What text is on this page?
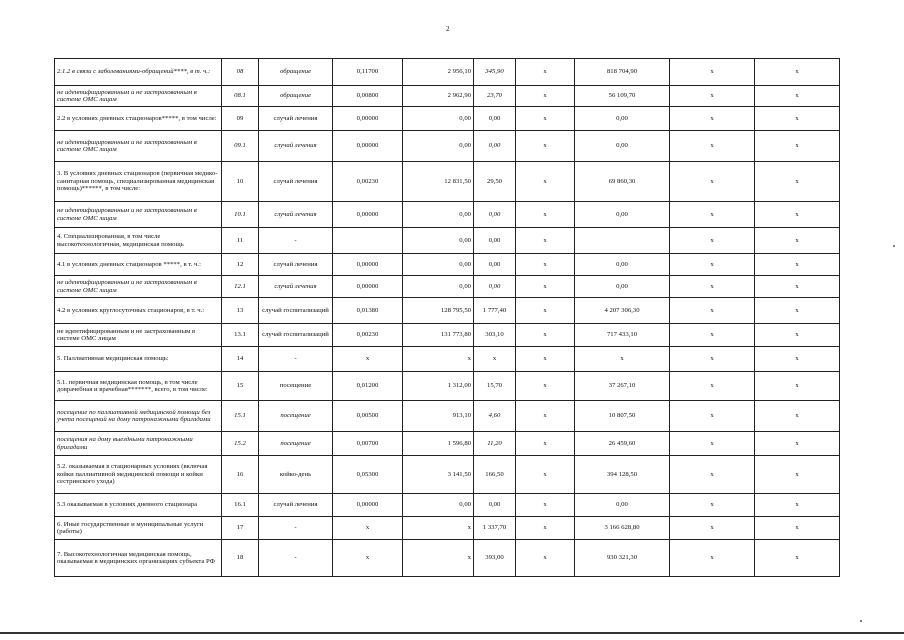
2
2.1.2 в связи с заболеваниями-обращений****, в т. ч.:	08	обращение	0,11700	2 956,10	345,90	x	818 704,90	x	x
не идентифицированным и не застрахованным в системе ОМС лицам	08.1	обращение	0,00800	2 962,90	23,70	x	56 109,70	x	x
2.2 в условиях дневных стационаров*****, в том числе:	09	случай лечения	0,00000	0,00	0,00	x	0,00	x	x
не идентифицированным и не застрахованным в системе ОМС лицам	09.1	случай лечения	0,00000	0,00	0,00	x	0,00	x	x
3. В условиях дневных стационаров (первичная медико-санитарная помощь, специализированная медицинская помощь)******, в том числе:	10	случай лечения	0,00230	12 831,50	29,50	x	69 860,30	x	x
не идентифицированным и не застрахованным в системе ОМС лицам	10.1	случай лечения	0,00000	0,00	0,00	x	0,00	x	x
4. Специализированная, в том числе высокотехнологичная, медицинская помощь	11	-		0,00	0,00	x		x	x
4.1 в условиях дневных стационаров *****, в т. ч.:	12	случай лечения	0,00000	0,00	0,00	x	0,00	x	x
не идентифицированным и не застрахованным в системе ОМС лицам	12.1	случай лечения	0,00000	0,00	0,00	x	0,00	x	x
4.2 в условиях круглосуточных стационаров, в т. ч.:	13	случай госпитализаций	0,01380	128 795,50	1 777,40	x	4 207 306,30	x	x
не идентифицированным и не застрахованным в системе ОМС лицам	13.1	случай госпитализаций	0,00230	131 773,80	303,10	x	717 433,10	x	x
5. Паллиативная медицинская помощь:	14	-	x	x	x	x	x	x	x
5.1. первичная медицинская помощь, в том числе доврачебная и врачебная*******, всего, в том числе:	15	посещение	0,01200	1 312,00	15,70	x	37 267,10	x	x
посещение по паллиативной медицинской помощи без учета посещений на дому патронажными бригадами	15.1	посещение	0,00500	913,10	4,60	x	10 807,50	x	x
посещения на дому выездными патронажными бригадами	15.2	посещение	0,00700	1 596,80	11,20	x	26 459,60	x	x
5.2. оказываемая в стационарных условиях (включая койки паллиативной медицинской помощи и койки сестринского ухода)	16	койко-день	0,05300	3 141,50	166,50	x	394 128,50	x	x
5.3 оказываемая в условиях дневного стационара	16.1	случай лечения	0,00000	0,00	0,00	x	0,00	x	x
6. Иные государственные и муниципальные услуги (работы)	17	-	x	x	1 337,70	x	3 166 628,80	x	x
7. Высокотехнологичная медицинская помощь, оказываемая в медицинских организациях субъекта РФ	18	-	x	x	393,00	x	930 321,30	x	x
